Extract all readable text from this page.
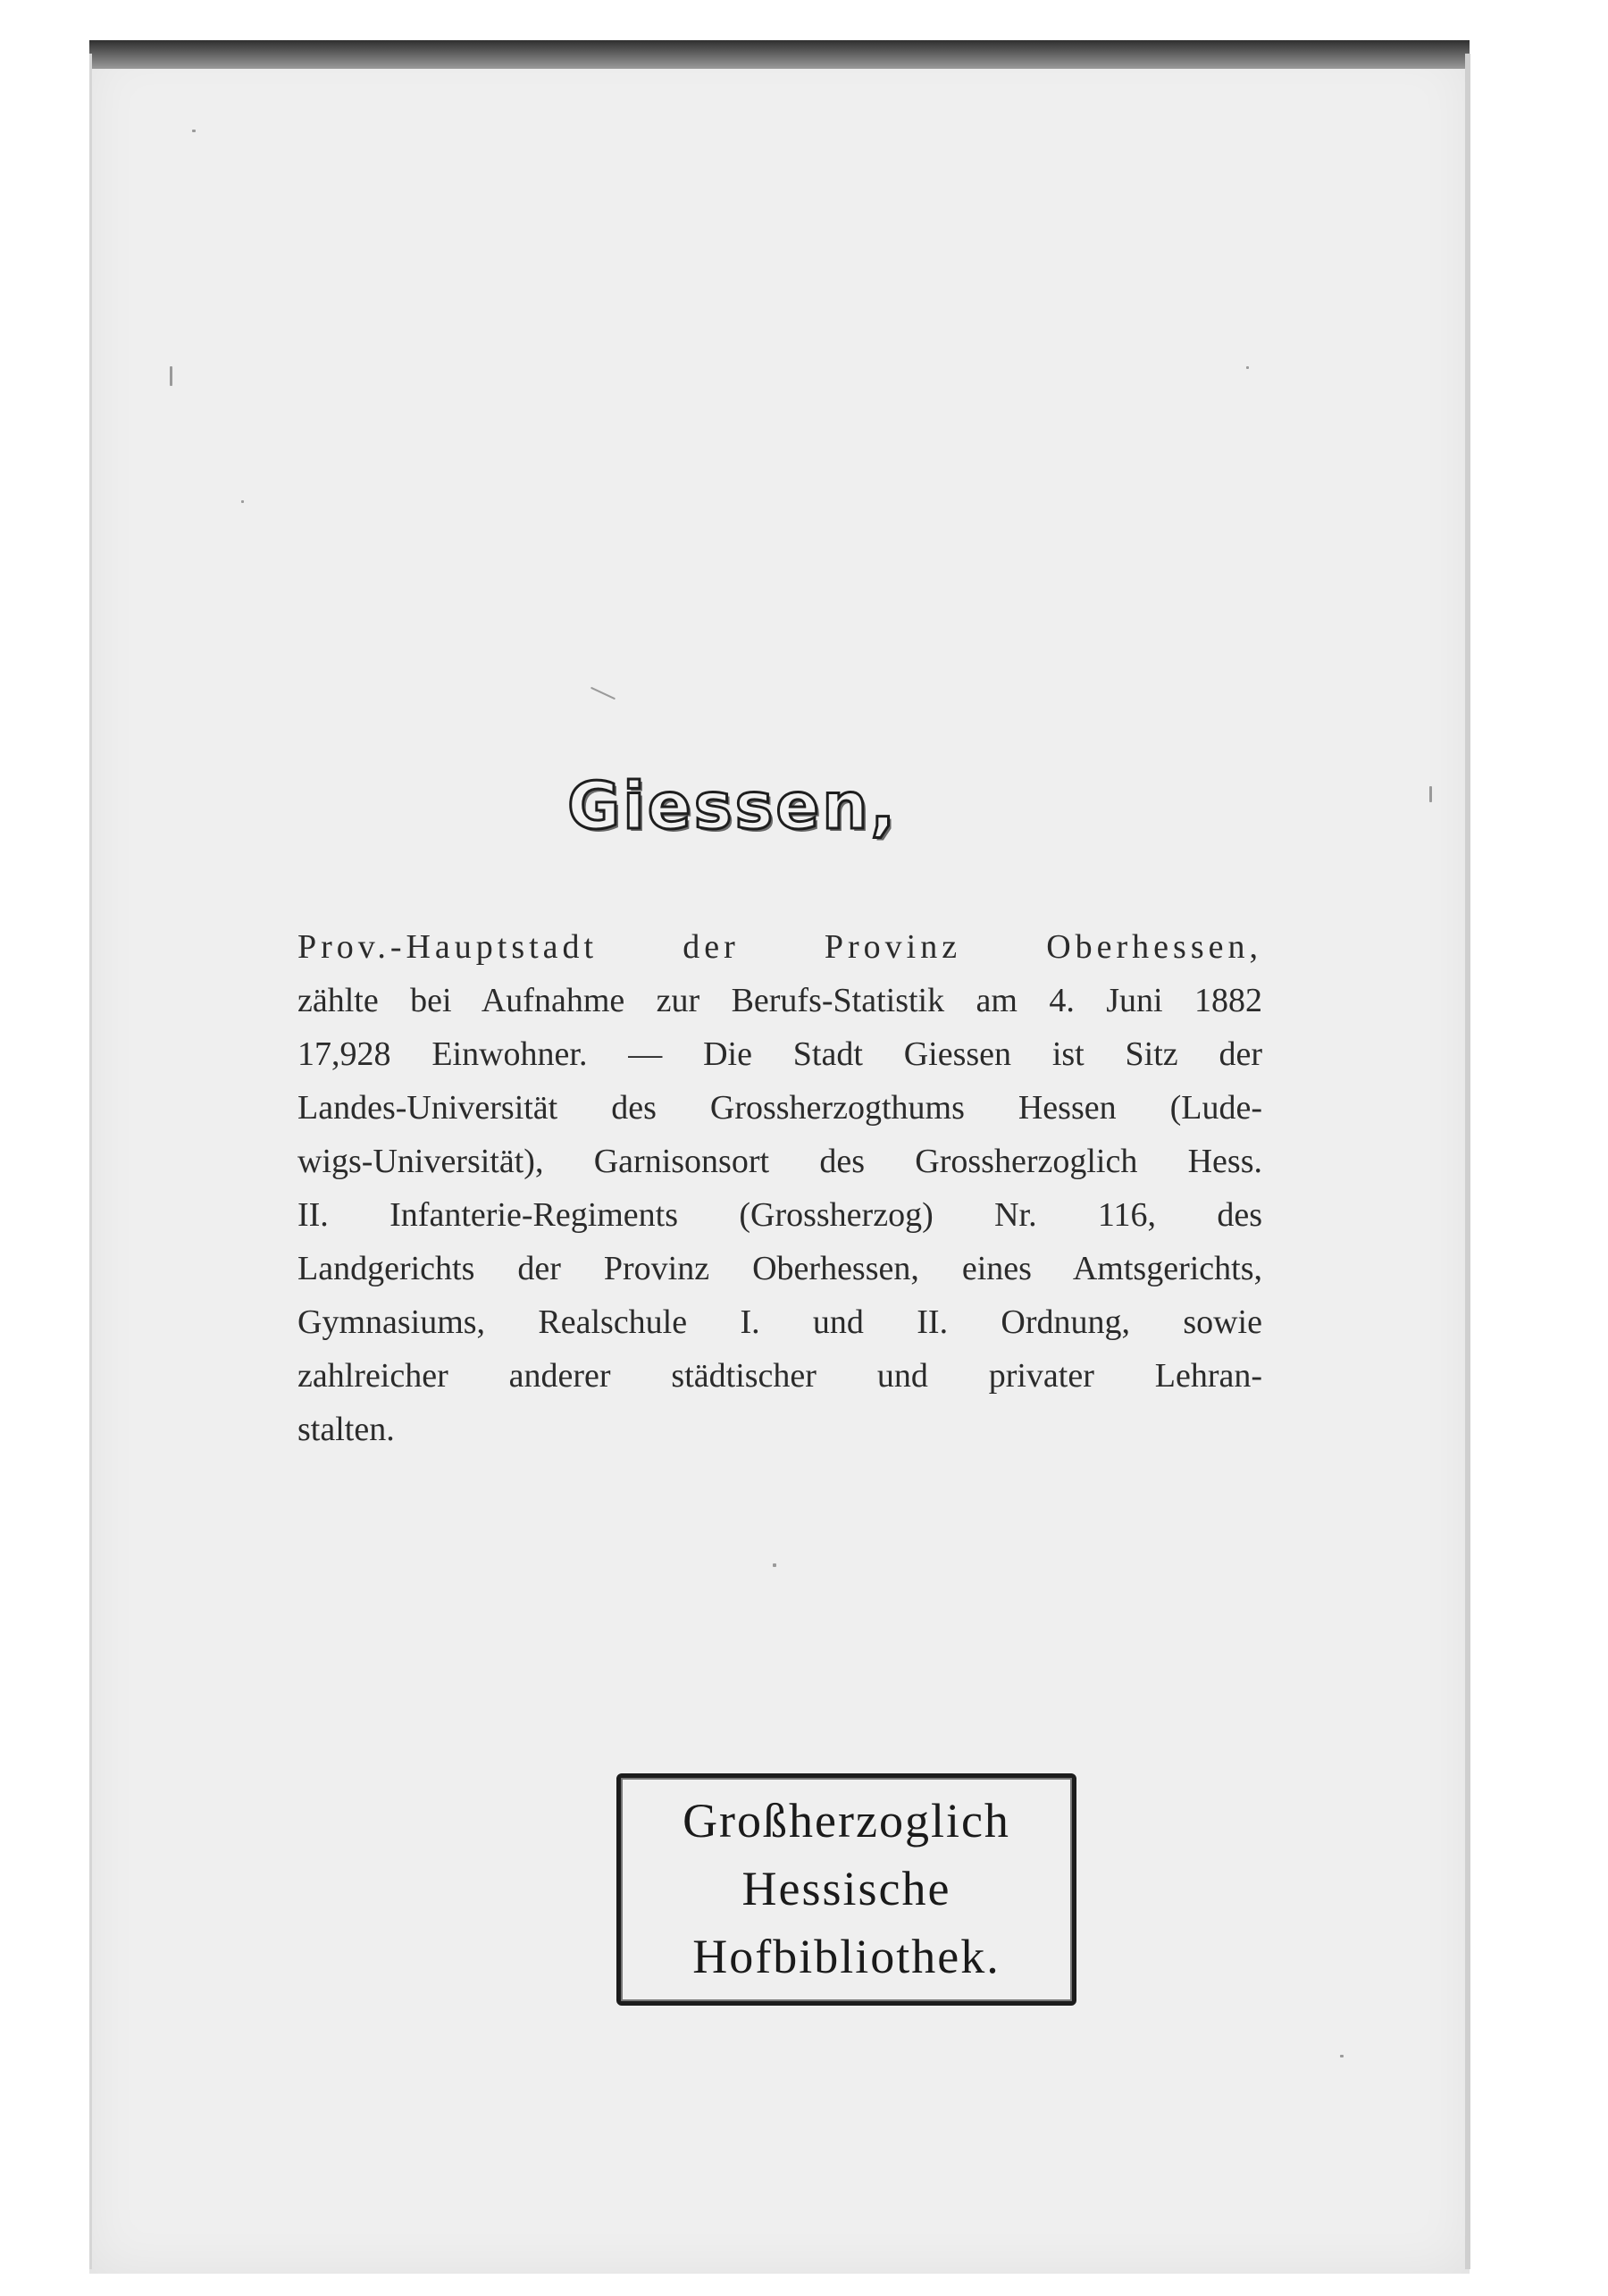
Giessen,
Prov.-Hauptstadt der Provinz Oberhessen,
zählte bei Aufnahme zur Berufs-Statistik am 4. Juni 1882
17,928 Einwohner. — Die Stadt Giessen ist Sitz der
Landes-Universität des Grossherzogthums Hessen (Lude-
wigs-Universität), Garnisonsort des Grossherzoglich Hess.
II. Infanterie-Regiments (Grossherzog) Nr. 116, des
Landgerichts der Provinz Oberhessen, eines Amtsgerichts,
Gymnasiums, Realschule I. und II. Ordnung, sowie
zahlreicher anderer städtischer und privater Lehran-
stalten.
Großherzoglich
Hessische
Hofbibliothek.
